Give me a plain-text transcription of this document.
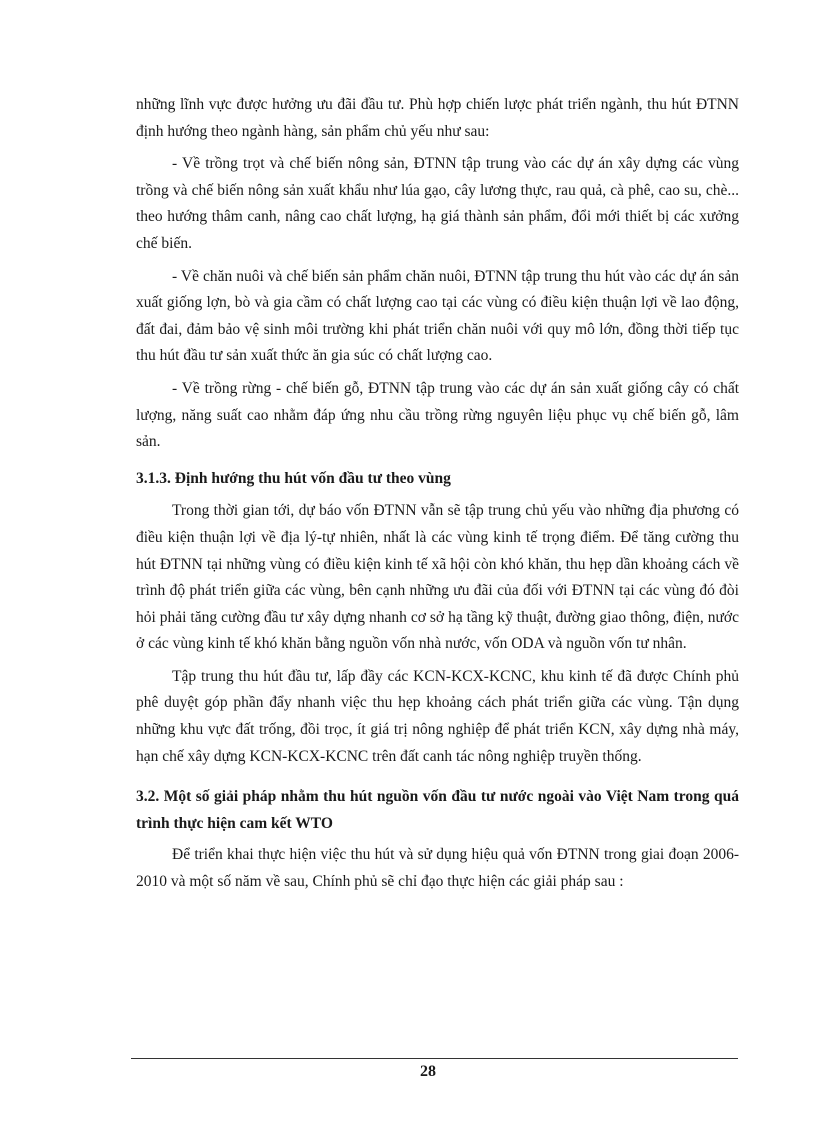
những lĩnh vực được hưởng ưu đãi đầu tư. Phù hợp chiến lược phát triển ngành, thu hút ĐTNN định hướng theo ngành hàng, sản phẩm chủ yếu như sau:

- Về trồng trọt và chế biến nông sản, ĐTNN tập trung vào các dự án xây dựng các vùng trồng và chế biến nông sản xuất khẩu như lúa gạo, cây lương thực, rau quả, cà phê, cao su, chè... theo hướng thâm canh, nâng cao chất lượng, hạ giá thành sản phẩm, đổi mới thiết bị các xưởng chế biến.

- Về chăn nuôi và chế biến sản phẩm chăn nuôi, ĐTNN tập trung thu hút vào các dự án sản xuất giống lợn, bò và gia cầm có chất lượng cao tại các vùng có điều kiện thuận lợi về lao động, đất đai, đảm bảo vệ sinh môi trường khi phát triển chăn nuôi với quy mô lớn, đồng thời tiếp tục thu hút đầu tư sản xuất thức ăn gia súc có chất lượng cao.

- Về trồng rừng - chế biến gỗ, ĐTNN tập trung vào các dự án sản xuất giống cây có chất lượng, năng suất cao nhằm đáp ứng nhu cầu trồng rừng nguyên liệu phục vụ chế biến gỗ, lâm sản.

3.1.3. Định hướng thu hút vốn đầu tư theo vùng

Trong thời gian tới, dự báo vốn ĐTNN vẫn sẽ tập trung chủ yếu vào những địa phương có điều kiện thuận lợi về địa lý-tự nhiên, nhất là các vùng kinh tế trọng điểm. Để tăng cường thu hút ĐTNN tại những vùng có điều kiện kinh tế xã hội còn khó khăn, thu hẹp dần khoảng cách về trình độ phát triển giữa các vùng, bên cạnh những ưu đãi của đối với ĐTNN tại các vùng đó đòi hỏi phải tăng cường đầu tư xây dựng nhanh cơ sở hạ tầng kỹ thuật, đường giao thông, điện, nước ở các vùng kinh tế khó khăn bằng nguồn vốn nhà nước, vốn ODA và nguồn vốn tư nhân.

Tập trung thu hút đầu tư, lấp đầy các KCN-KCX-KCNC, khu kinh tế đã được Chính phủ phê duyệt góp phần đẩy nhanh việc thu hẹp khoảng cách phát triển giữa các vùng. Tận dụng những khu vực đất trống, đồi trọc, ít giá trị nông nghiệp để phát triển KCN, xây dựng nhà máy, hạn chế xây dựng KCN-KCX-KCNC trên đất canh tác nông nghiệp truyền thống.

3.2. Một số giải pháp nhằm thu hút nguồn vốn đầu tư nước ngoài vào Việt Nam trong quá trình thực hiện cam kết WTO

Để triển khai thực hiện việc thu hút và sử dụng hiệu quả vốn ĐTNN trong giai đoạn 2006- 2010 và một số năm về sau, Chính phủ sẽ chỉ đạo thực hiện các giải pháp sau :

28
